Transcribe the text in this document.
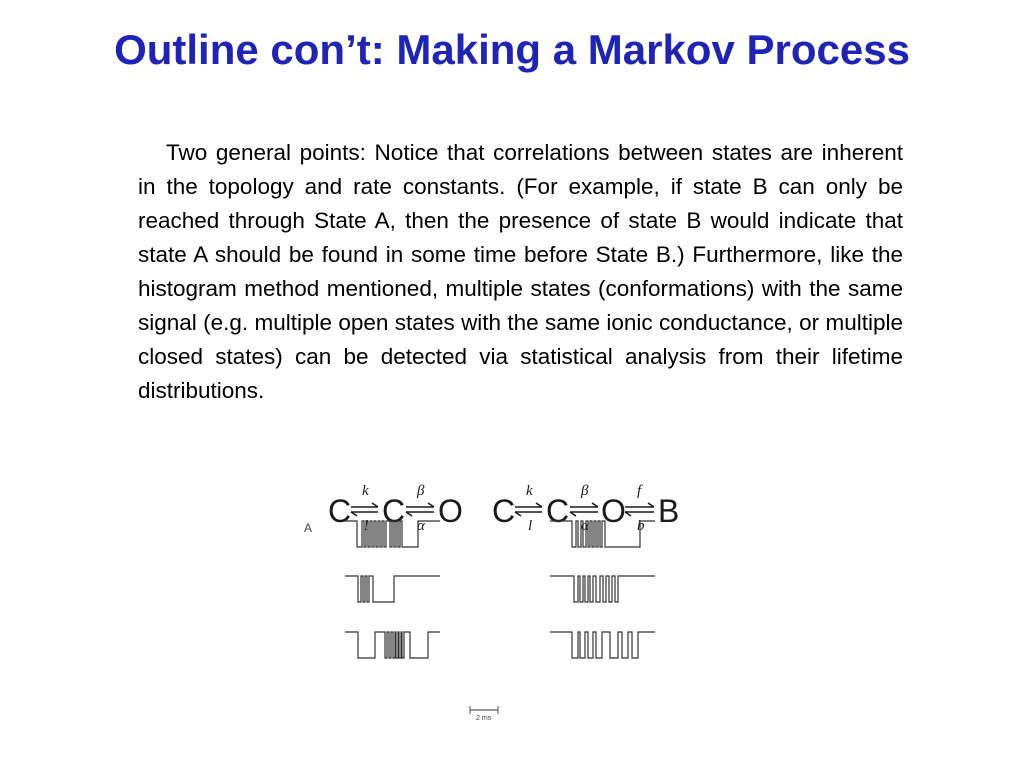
Outline con’t: Making a Markov Process

Two general points: Notice that correlations between states are inherent in the topology and rate constants. (For example, if state B can only be reached through State A, then the presence of state B would indicate that state A should be found in some time before State B.) Furthermore, like the histogram method mentioned, multiple states (conformations) with the same signal (e.g. multiple open states with the same ionic conductance, or multiple closed states) can be detected via statistical analysis from their lifetime distributions.

A C
k
l C
β
α O C
k
l C
β
α O
f
b B
2 ms
